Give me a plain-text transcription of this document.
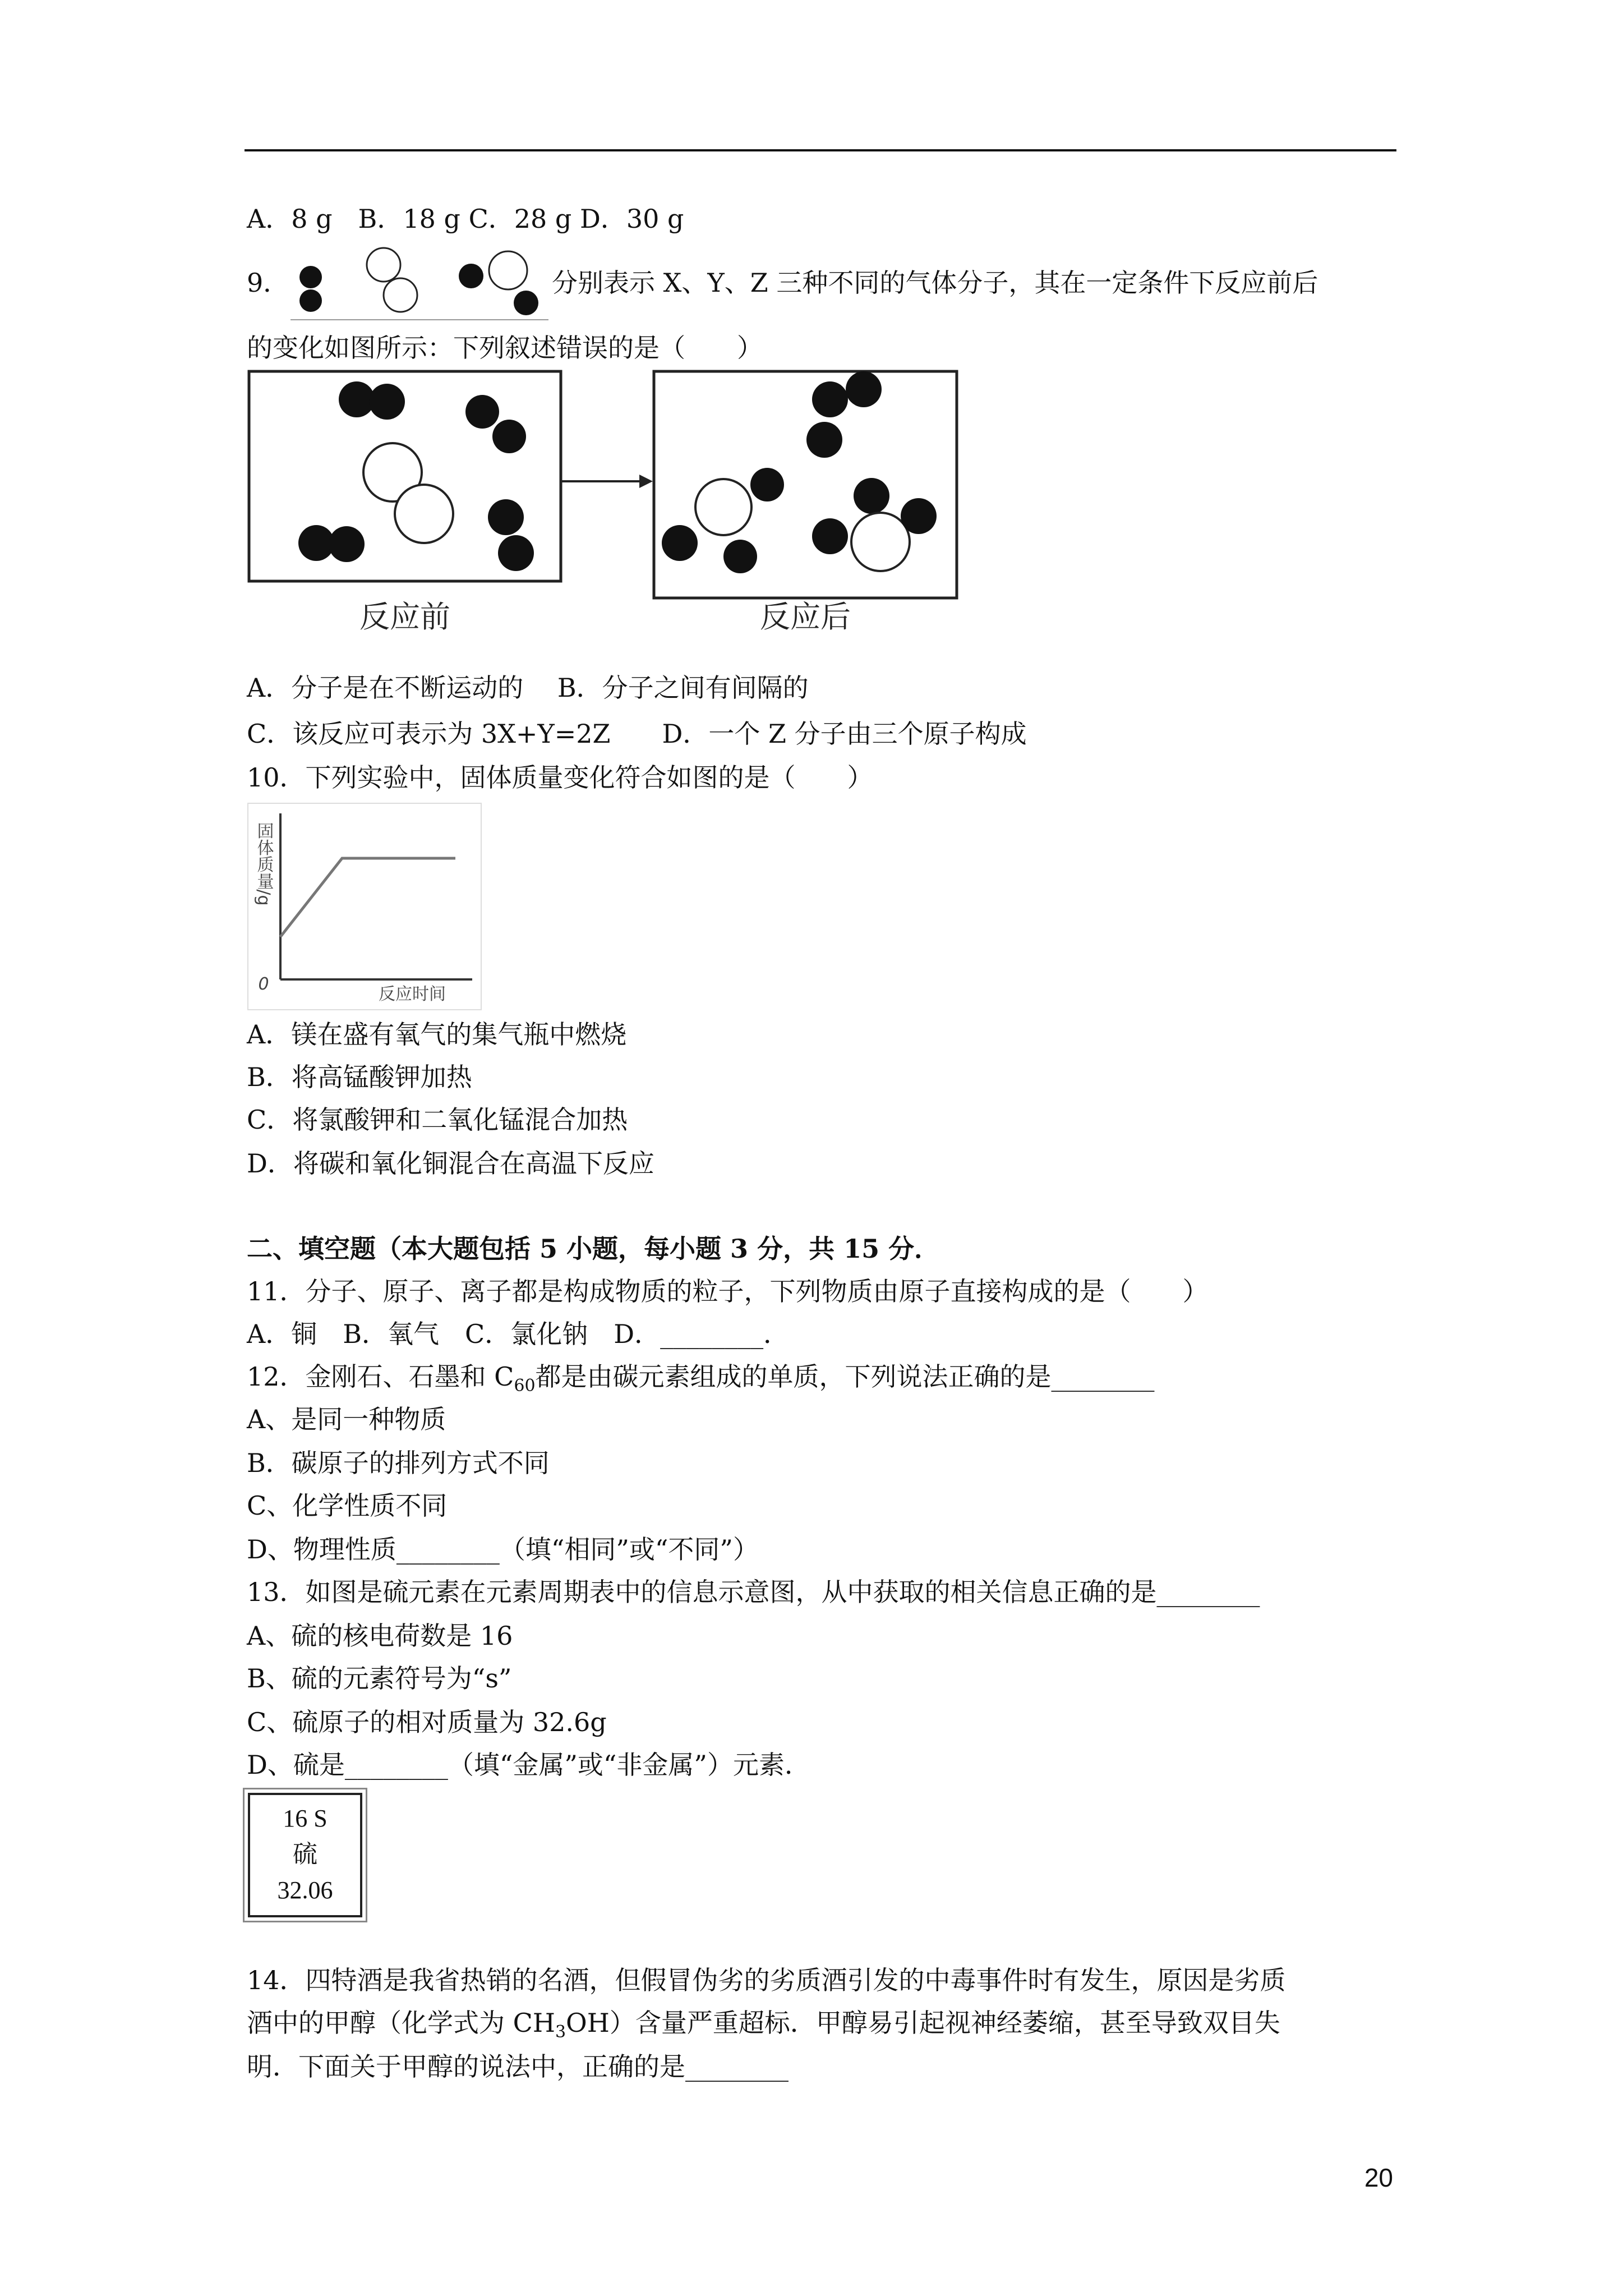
A．8 g　B．18 g C．28 g D．30 g
9．	分别表示 X、Y、Z 三种不同的气体分子，其在一定条件下反应前后
的变化如图所示：下列叙述错误的是（　　）
反应前	反应后
A．分子是在不断运动的　 B．分子之间有间隔的
C．该反应可表示为 3X+Y=2Z　　D．一个 Z 分子由三个原子构成
10．下列实验中，固体质量变化符合如图的是（　　）
固体质量/g
0
反应时间
A．镁在盛有氧气的集气瓶中燃烧
B．将高锰酸钾加热
C．将氯酸钾和二氧化锰混合加热
D．将碳和氧化铜混合在高温下反应
二、填空题（本大题包括 5 小题，每小题 3 分，共 15 分．
11．分子、原子、离子都是构成物质的粒子，下列物质由原子直接构成的是（　　）
A．铜　B．氧气　C．氯化钠　D．________．
12．金刚石、石墨和 $C_{60}$都是由碳元素组成的单质，下列说法正确的是________
A、是同一种物质
B．碳原子的排列方式不同
C、化学性质不同
D、物理性质________（填“相同”或“不同”）
13．如图是硫元素在元素周期表中的信息示意图，从中获取的相关信息正确的是________
A、硫的核电荷数是 16
B、硫的元素符号为“s”
C、硫原子的相对质量为 32.6g
D、硫是________（填“金属”或“非金属”）元素．
16 S
硫
32.06
14．四特酒是我省热销的名酒，但假冒伪劣的劣质酒引发的中毒事件时有发生，原因是劣质
酒中的甲醇（化学式为 $CH_3OH$）含量严重超标．甲醇易引起视神经萎缩，甚至导致双目失
明．下面关于甲醇的说法中，正确的是________
20
